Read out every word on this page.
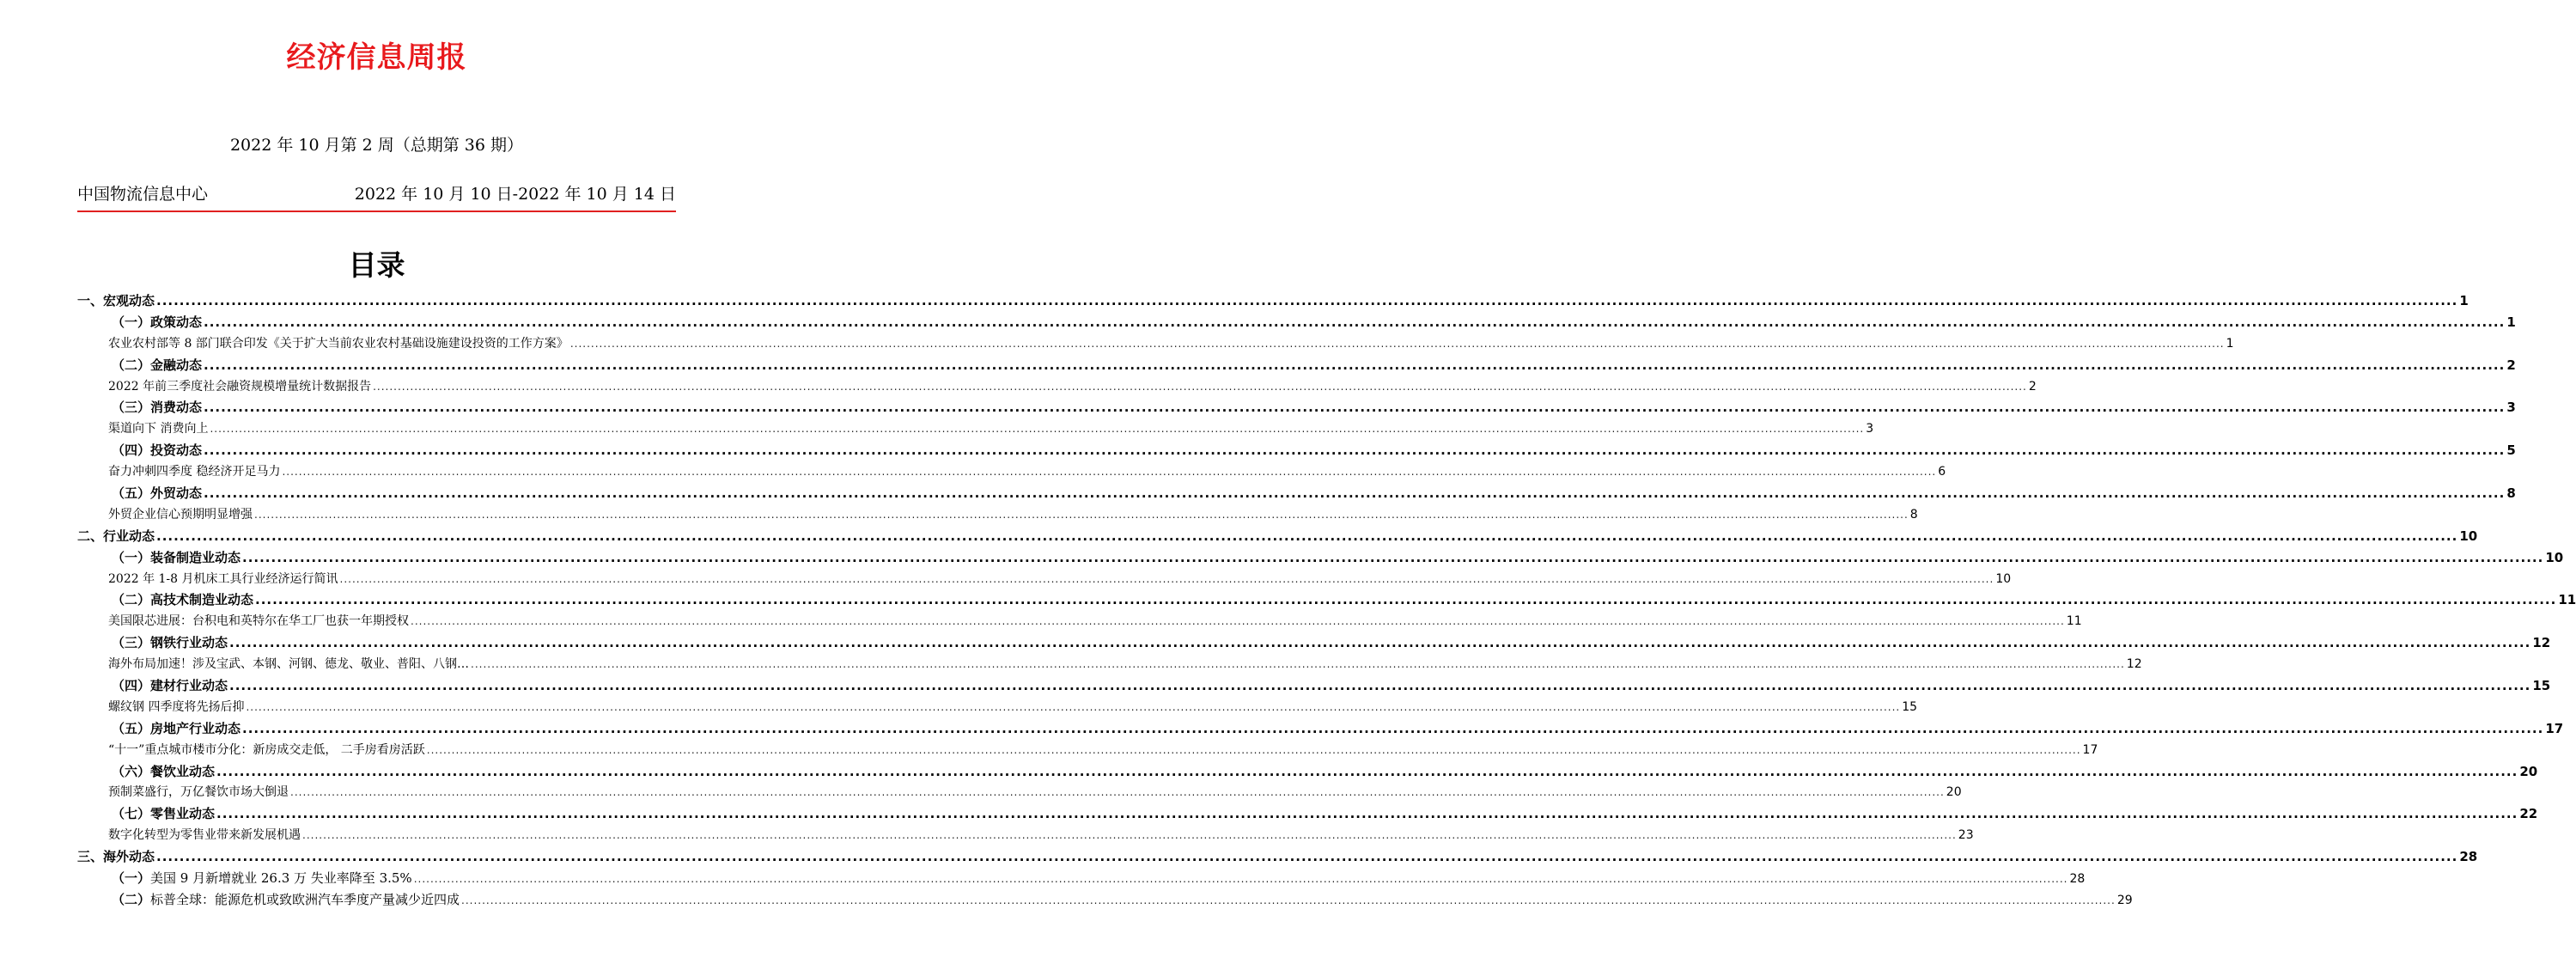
经济信息周报
2022 年 10 月第 2 周（总期第 36 期）
中国物流信息中心	2022 年 10 月 10 日-2022 年 10 月 14 日
目录
一、宏观动态 ................................................................................................................................................................................................................................................................................................................................................................................................................ 1
（一）政策动态 ................................................................................................................................................................................................................................................................................................................................................................................................................ 1
农业农村部等 8 部门联合印发《关于扩大当前农业农村基础设施建设投资的工作方案》 ................................................................................................................................................................................................................................................................................................................................................................................................................ 1
（二）金融动态 ................................................................................................................................................................................................................................................................................................................................................................................................................ 2
2022 年前三季度社会融资规模增量统计数据报告 ................................................................................................................................................................................................................................................................................................................................................................................................................ 2
（三）消费动态 ................................................................................................................................................................................................................................................................................................................................................................................................................ 3
渠道向下 消费向上 ................................................................................................................................................................................................................................................................................................................................................................................................................ 3
（四）投资动态 ................................................................................................................................................................................................................................................................................................................................................................................................................ 5
奋力冲刺四季度 稳经济开足马力 ................................................................................................................................................................................................................................................................................................................................................................................................................ 6
（五）外贸动态 ................................................................................................................................................................................................................................................................................................................................................................................................................ 8
外贸企业信心预期明显增强 ................................................................................................................................................................................................................................................................................................................................................................................................................ 8
二、行业动态 ................................................................................................................................................................................................................................................................................................................................................................................................................ 10
（一）装备制造业动态 ................................................................................................................................................................................................................................................................................................................................................................................................................ 10
2022 年 1-8 月机床工具行业经济运行简讯 ................................................................................................................................................................................................................................................................................................................................................................................................................ 10
（二）高技术制造业动态 ................................................................................................................................................................................................................................................................................................................................................................................................................ 11
美国限芯进展：台积电和英特尔在华工厂也获一年期授权 ................................................................................................................................................................................................................................................................................................................................................................................................................ 11
（三）钢铁行业动态 ................................................................................................................................................................................................................................................................................................................................................................................................................ 12
海外布局加速！涉及宝武、本钢、河钢、德龙、敬业、普阳、八钢… ................................................................................................................................................................................................................................................................................................................................................................................................................ 12
（四）建材行业动态 ................................................................................................................................................................................................................................................................................................................................................................................................................ 15
螺纹钢 四季度将先扬后抑 ................................................................................................................................................................................................................................................................................................................................................................................................................ 15
（五）房地产行业动态 ................................................................................................................................................................................................................................................................................................................................................................................................................ 17
“十一”重点城市楼市分化：新房成交走低， 二手房看房活跃 ................................................................................................................................................................................................................................................................................................................................................................................................................ 17
（六）餐饮业动态 ................................................................................................................................................................................................................................................................................................................................................................................................................ 20
预制菜盛行，万亿餐饮市场大倒退 ................................................................................................................................................................................................................................................................................................................................................................................................................ 20
（七）零售业动态 ................................................................................................................................................................................................................................................................................................................................................................................................................ 22
数字化转型为零售业带来新发展机遇 ................................................................................................................................................................................................................................................................................................................................................................................................................ 23
三、海外动态 ................................................................................................................................................................................................................................................................................................................................................................................................................ 28
（一）美国 9 月新增就业 26.3 万 失业率降至 3.5% ................................................................................................................................................................................................................................................................................................................................................................................................................ 28
（二）标普全球：能源危机或致欧洲汽车季度产量减少近四成 ................................................................................................................................................................................................................................................................................................................................................................................................................ 29
